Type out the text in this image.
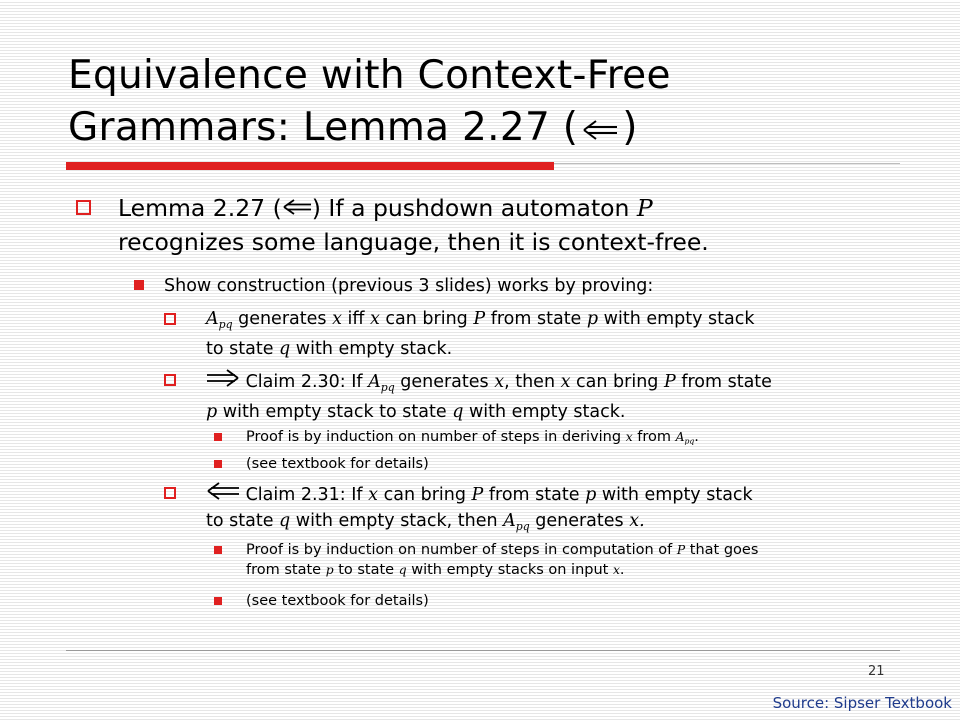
Equivalence with Context-Free
Grammars: Lemma 2.27 ( )
Lemma 2.27 ( ) If a pushdown automaton P
recognizes some language, then it is context-free.
Show construction (previous 3 slides) works by proving:
$A_{pq}$ generates x iff x can bring P from state p with empty stack
to state q with empty stack.
Claim 2.30: If $A_{pq}$ generates x, then x can bring P from state
p with empty stack to state q with empty stack.
Proof is by induction on number of steps in deriving x from $A_{pq}$.
(see textbook for details)
Claim 2.31: If x can bring P from state p with empty stack
to state q with empty stack, then $A_{pq}$ generates x.
Proof is by induction on number of steps in computation of P that goes
from state p to state q with empty stacks on input x.
(see textbook for details)
21
Source: Sipser Textbook
